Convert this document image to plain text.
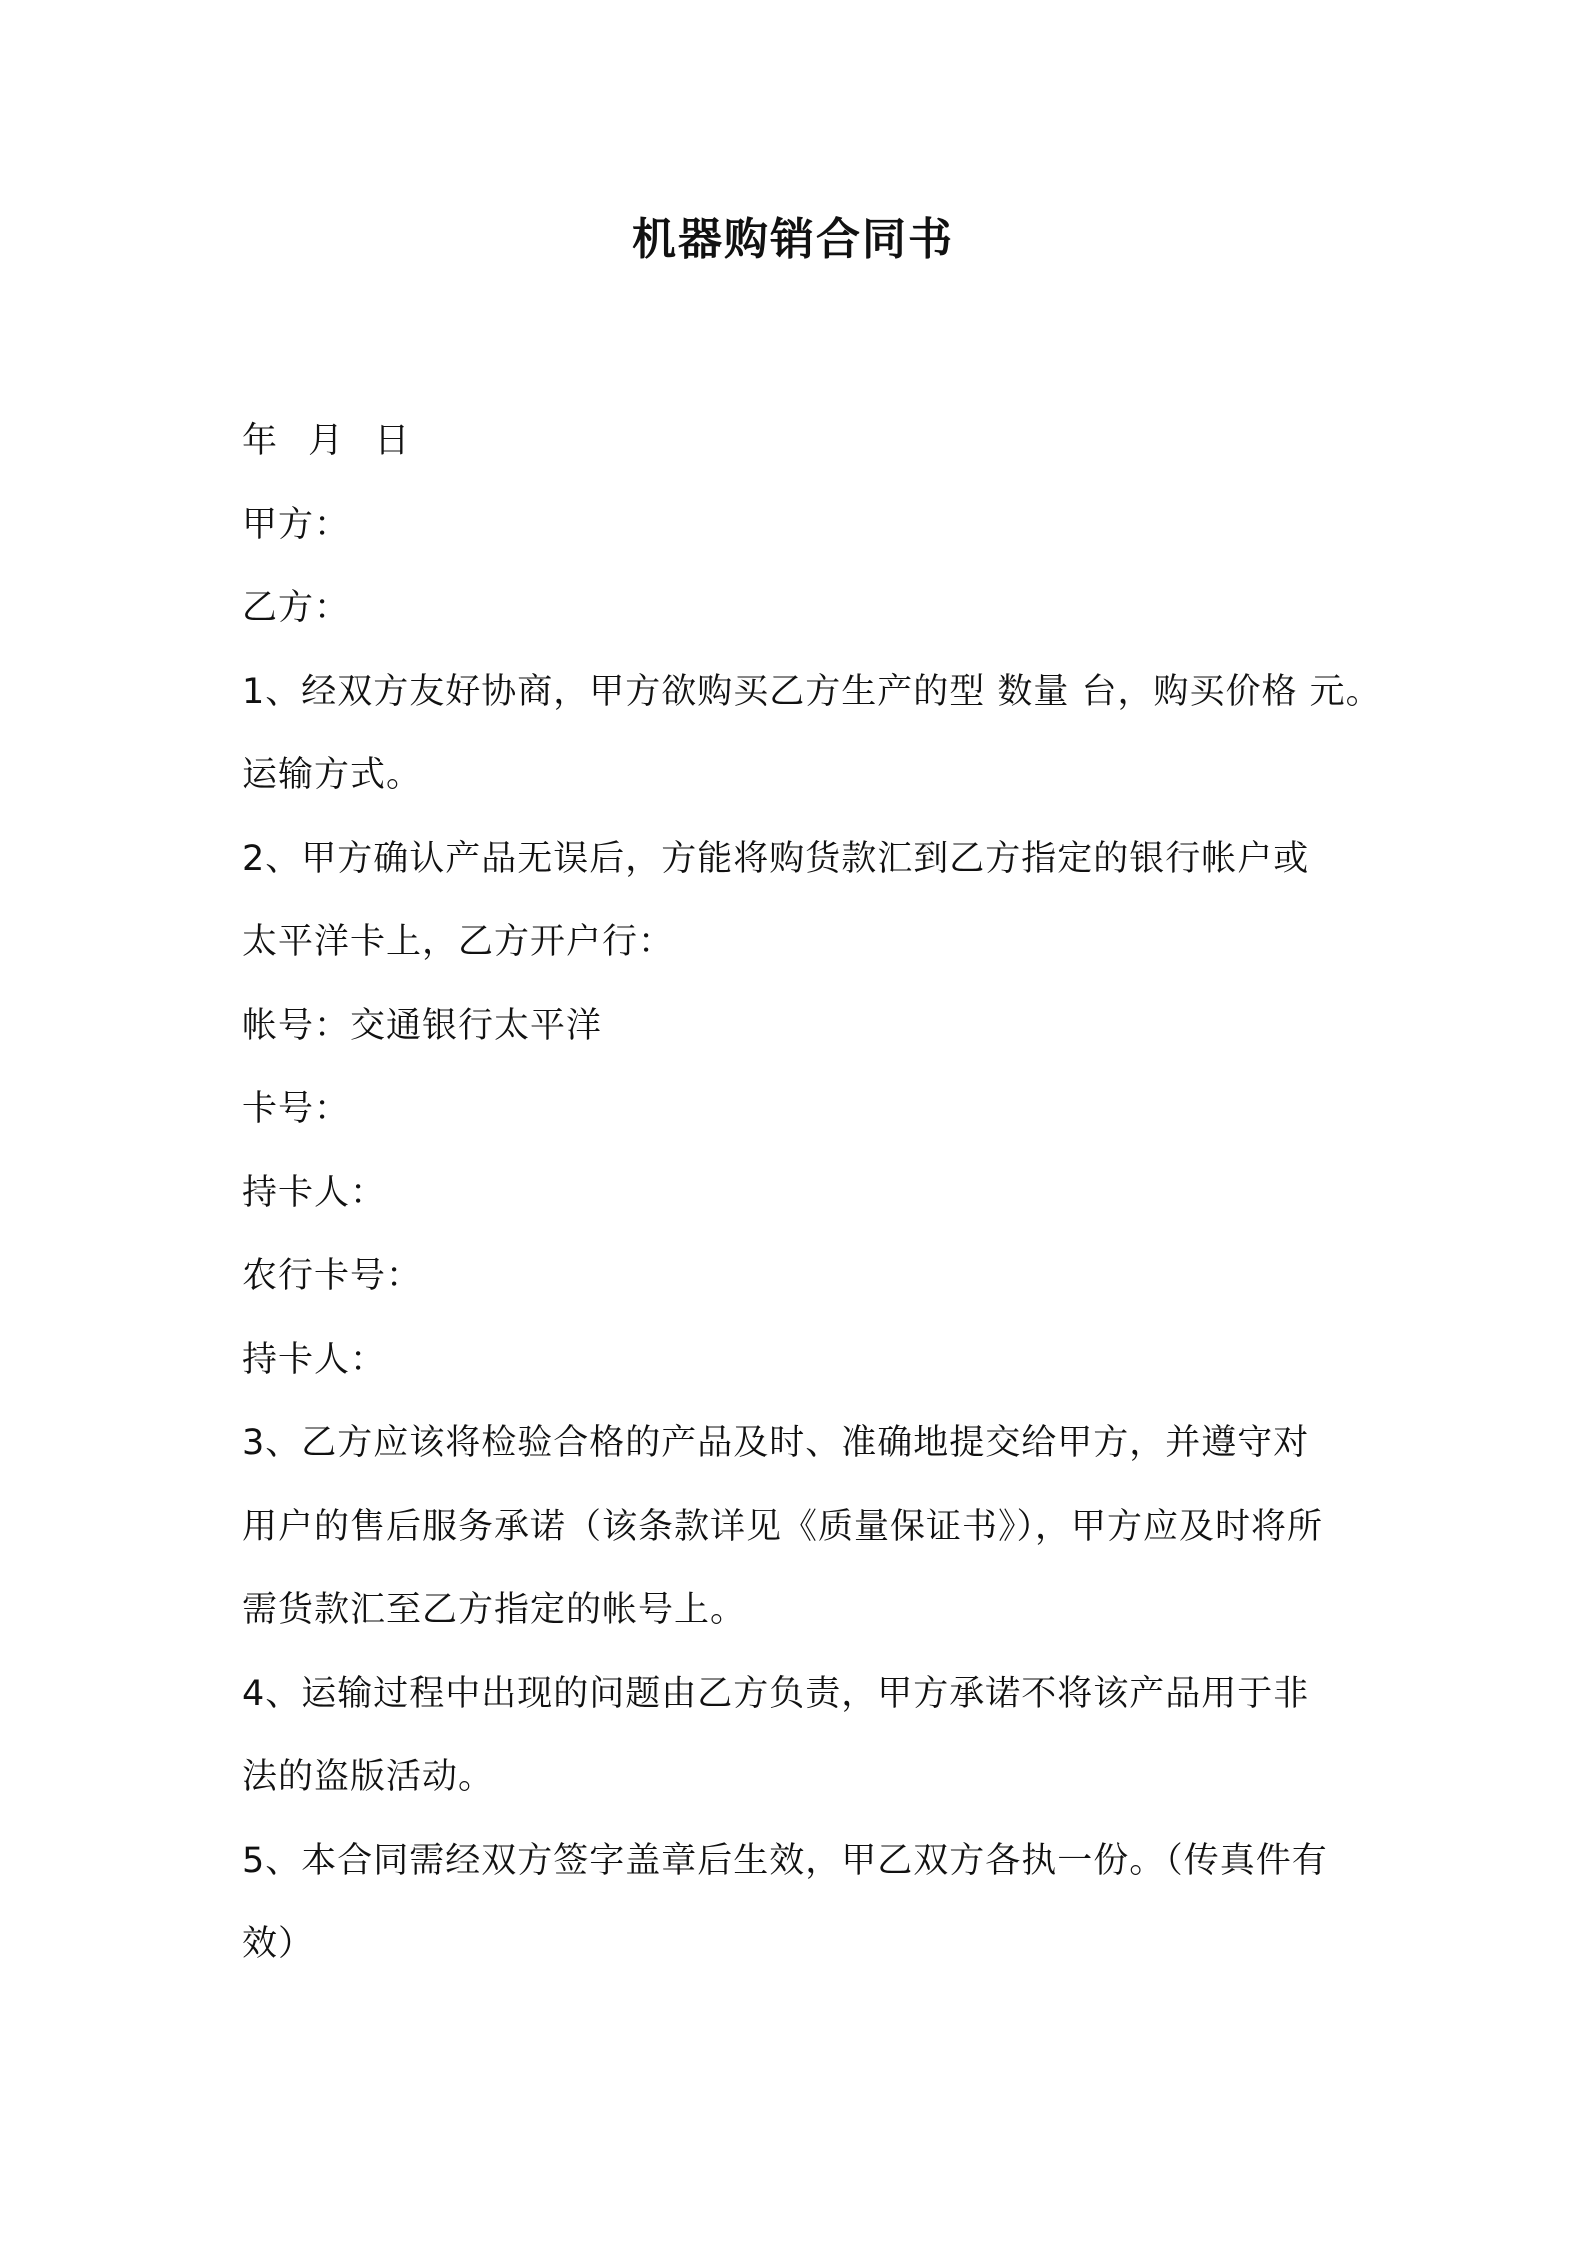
机器购销合同书
年 月 日
甲方：
乙方：
1、经双方友好协商，甲方欲购买乙方生产的型 数量 台，购买价格 元。
运输方式。
2、甲方确认产品无误后，方能将购货款汇到乙方指定的银行帐户或
太平洋卡上，乙方开户行：
帐号：交通银行太平洋
卡号：
持卡人：
农行卡号：
持卡人：
3、乙方应该将检验合格的产品及时、准确地提交给甲方，并遵守对
用户的售后服务承诺（该条款详见《质量保证书》），甲方应及时将所
需货款汇至乙方指定的帐号上。
4、运输过程中出现的问题由乙方负责，甲方承诺不将该产品用于非
法的盗版活动。
5、本合同需经双方签字盖章后生效，甲乙双方各执一份。（传真件有
效）
